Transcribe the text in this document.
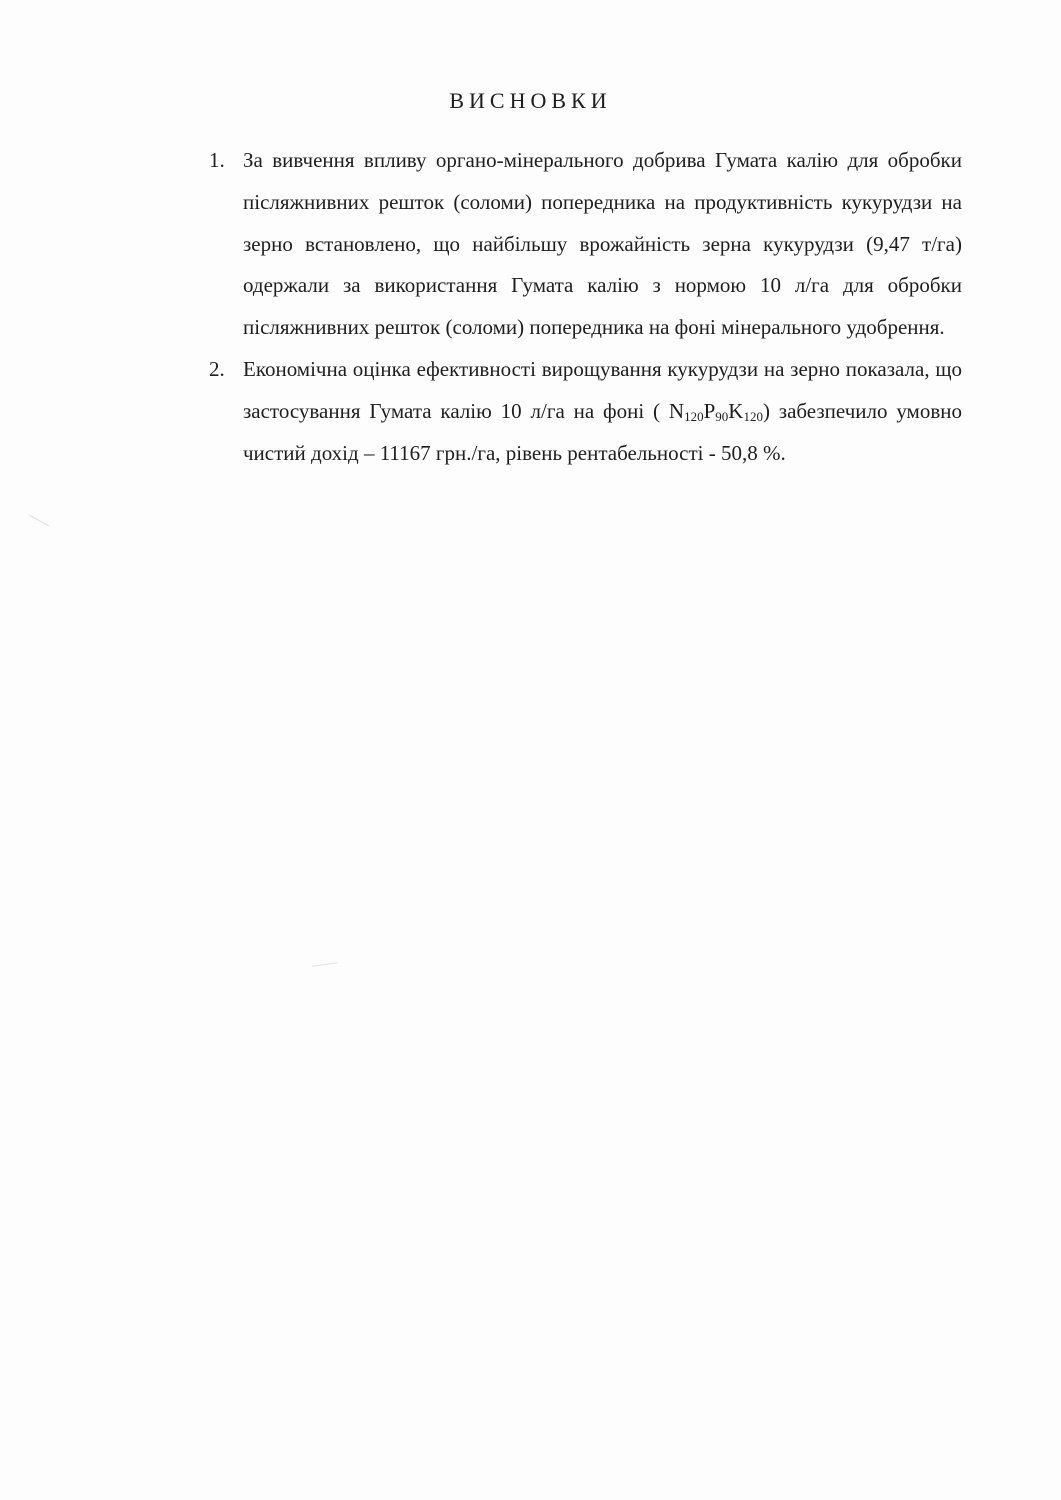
ВИСНОВКИ
1. За вивчення впливу органо-мінерального добрива Гумата калію для обробки післяжнивних решток (соломи) попередника на продуктивність кукурудзи на зерно встановлено, що найбільшу врожайність зерна кукурудзи (9,47 т/га) одержали за використання Гумата калію з нормою 10 л/га для обробки післяжнивних решток (соломи) попередника на фоні мінерального удобрення.
2. Економічна оцінка ефективності вирощування кукурудзи на зерно показала, що застосування Гумата калію 10 л/га на фоні ( $N_{120}P_{90}K_{120}$) забезпечило умовно чистий дохід – 11167 грн./га, рівень рентабельності - 50,8 %.
